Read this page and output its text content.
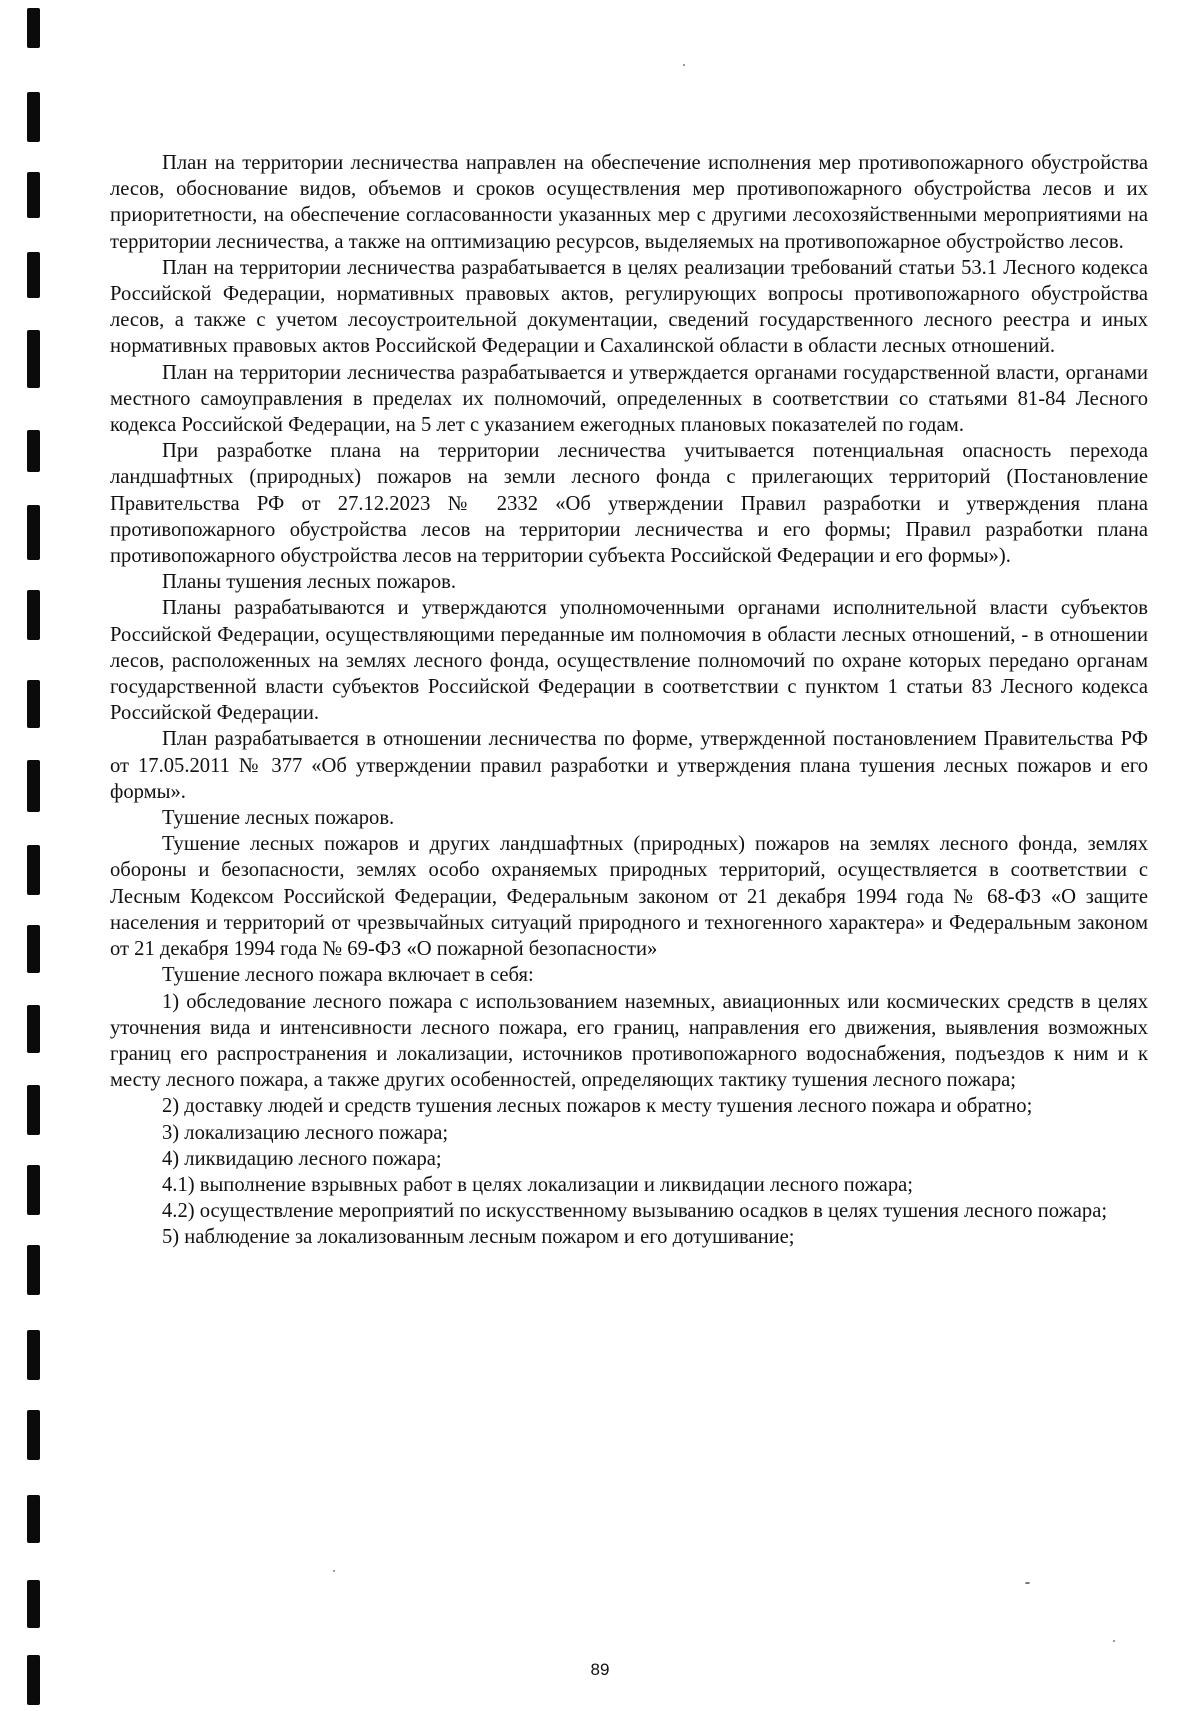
План на территории лесничества направлен на обеспечение исполнения мер противопожарного обустройства лесов, обоснование видов, объемов и сроков осуществления мер противопожарного обустройства лесов и их приоритетности, на обеспечение согласованности указанных мер с другими лесохозяйственными мероприятиями на территории лесничества, а также на оптимизацию ресурсов, выделяемых на противопожарное обустройство лесов.

План на территории лесничества разрабатывается в целях реализации требований статьи 53.1 Лесного кодекса Российской Федерации, нормативных правовых актов, регулирующих вопросы противопожарного обустройства лесов, а также с учетом лесоустроительной документации, сведений государственного лесного реестра и иных нормативных правовых актов Российской Федерации и Сахалинской области в области лесных отношений.

План на территории лесничества разрабатывается и утверждается органами государственной власти, органами местного самоуправления в пределах их полномочий, определенных в соответствии со статьями 81-84 Лесного кодекса Российской Федерации, на 5 лет с указанием ежегодных плановых показателей по годам.

При разработке плана на территории лесничества учитывается потенциальная опасность перехода ландшафтных (природных) пожаров на земли лесного фонда с прилегающих территорий (Постановление Правительства РФ от 27.12.2023 № 2332 «Об утверждении Правил разработки и утверждения плана противопожарного обустройства лесов на территории лесничества и его формы; Правил разработки плана противопожарного обустройства лесов на территории субъекта Российской Федерации и его формы»).

Планы тушения лесных пожаров.

Планы разрабатываются и утверждаются уполномоченными органами исполнительной власти субъектов Российской Федерации, осуществляющими переданные им полномочия в области лесных отношений, - в отношении лесов, расположенных на землях лесного фонда, осуществление полномочий по охране которых передано органам государственной власти субъектов Российской Федерации в соответствии с пунктом 1 статьи 83 Лесного кодекса Российской Федерации.

План разрабатывается в отношении лесничества по форме, утвержденной постановлением Правительства РФ от 17.05.2011 № 377 «Об утверждении правил разработки и утверждения плана тушения лесных пожаров и его формы».

Тушение лесных пожаров.

Тушение лесных пожаров и других ландшафтных (природных) пожаров на землях лесного фонда, землях обороны и безопасности, землях особо охраняемых природных территорий, осуществляется в соответствии с Лесным Кодексом Российской Федерации, Федеральным законом от 21 декабря 1994 года № 68-ФЗ «О защите населения и территорий от чрезвычайных ситуаций природного и техногенного характера» и Федеральным законом от 21 декабря 1994 года № 69-ФЗ «О пожарной безопасности»

Тушение лесного пожара включает в себя:

1) обследование лесного пожара с использованием наземных, авиационных или космических средств в целях уточнения вида и интенсивности лесного пожара, его границ, направления его движения, выявления возможных границ его распространения и локализации, источников противопожарного водоснабжения, подъездов к ним и к месту лесного пожара, а также других особенностей, определяющих тактику тушения лесного пожара;

2) доставку людей и средств тушения лесных пожаров к месту тушения лесного пожара и обратно;

3) локализацию лесного пожара;

4) ликвидацию лесного пожара;

4.1) выполнение взрывных работ в целях локализации и ликвидации лесного пожара;

4.2) осуществление мероприятий по искусственному вызыванию осадков в целях тушения лесного пожара;

5) наблюдение за локализованным лесным пожаром и его дотушивание;

89
